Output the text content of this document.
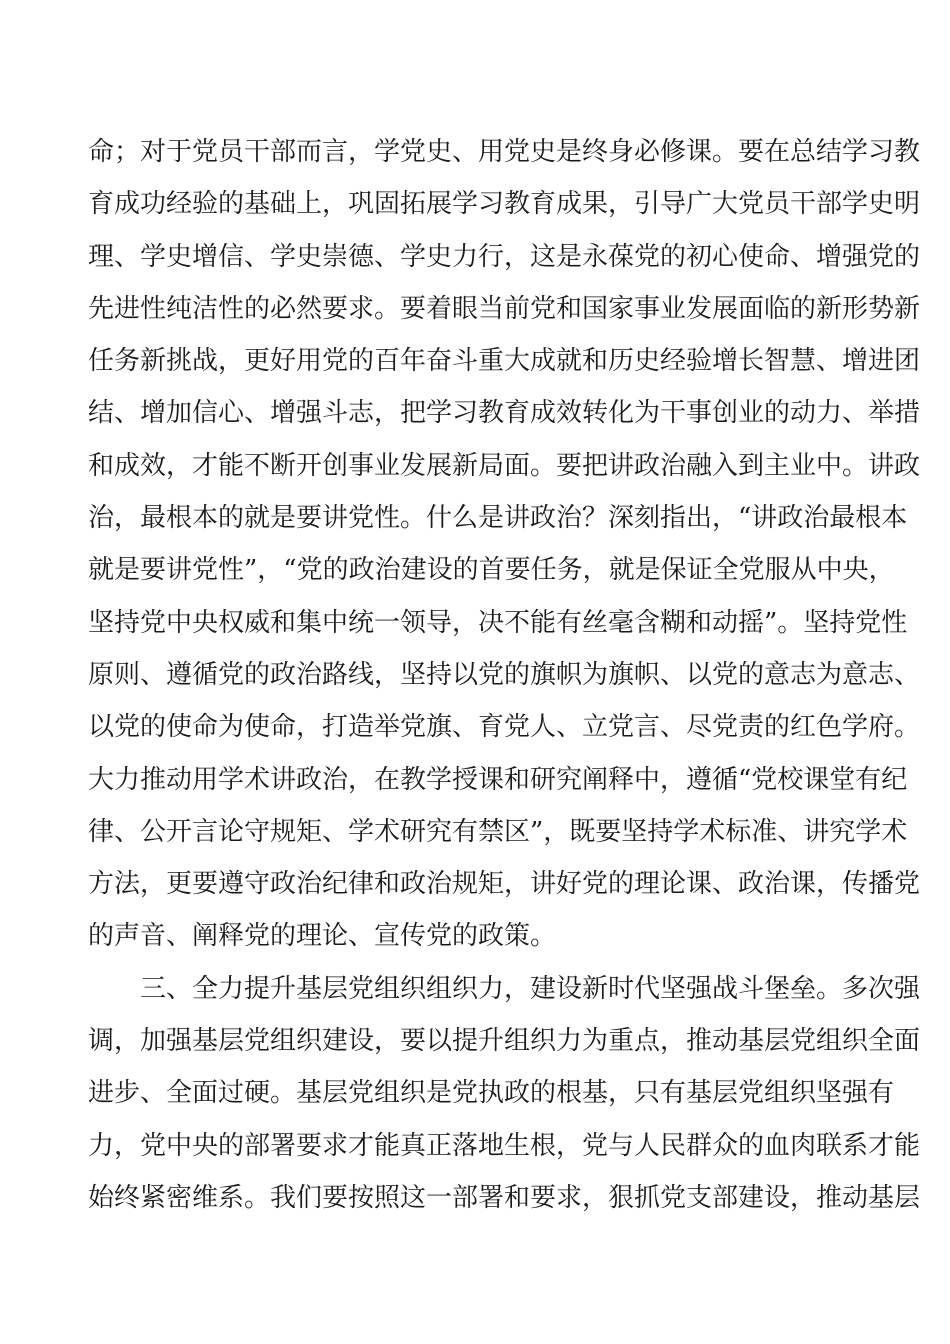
命；对于党员干部而言，学党史、用党史是终身必修课。要在总结学习教
育成功经验的基础上，巩固拓展学习教育成果，引导广大党员干部学史明
理、学史增信、学史崇德、学史力行，这是永葆党的初心使命、增强党的
先进性纯洁性的必然要求。要着眼当前党和国家事业发展面临的新形势新
任务新挑战，更好用党的百年奋斗重大成就和历史经验增长智慧、增进团
结、增加信心、增强斗志，把学习教育成效转化为干事创业的动力、举措
和成效，才能不断开创事业发展新局面。要把讲政治融入到主业中。讲政
治，最根本的就是要讲党性。什么是讲政治？深刻指出，“讲政治最根本
就是要讲党性”，“党的政治建设的首要任务，就是保证全党服从中央，
坚持党中央权威和集中统一领导，决不能有丝毫含糊和动摇”。坚持党性
原则、遵循党的政治路线，坚持以党的旗帜为旗帜、以党的意志为意志、
以党的使命为使命，打造举党旗、育党人、立党言、尽党责的红色学府。
大力推动用学术讲政治，在教学授课和研究阐释中，遵循“党校课堂有纪
律、公开言论守规矩、学术研究有禁区”，既要坚持学术标准、讲究学术
方法，更要遵守政治纪律和政治规矩，讲好党的理论课、政治课，传播党
的声音、阐释党的理论、宣传党的政策。
三、全力提升基层党组织组织力，建设新时代坚强战斗堡垒。多次强
调，加强基层党组织建设，要以提升组织力为重点，推动基层党组织全面
进步、全面过硬。基层党组织是党执政的根基，只有基层党组织坚强有
力，党中央的部署要求才能真正落地生根，党与人民群众的血肉联系才能
始终紧密维系。我们要按照这一部署和要求，狠抓党支部建设，推动基层
